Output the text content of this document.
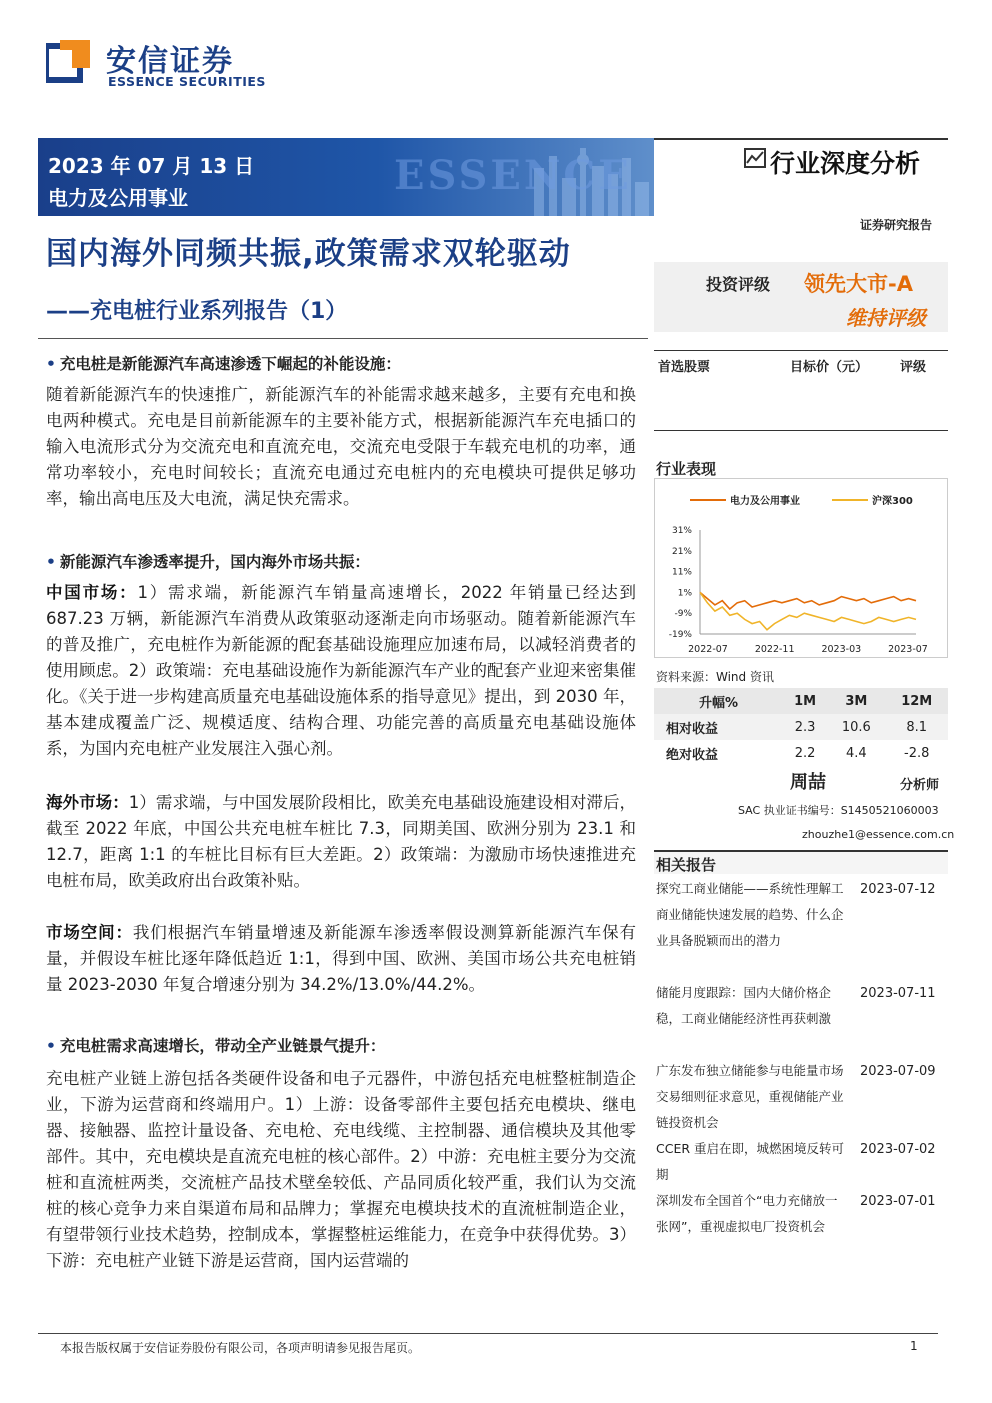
安信证券
ESSENCE SECURITIES
ESSENCE
2023 年 07 月 13 日
电力及公用事业
行业深度分析
证券研究报告
国内海外同频共振,政策需求双轮驱动
——充电桩行业系列报告（1）
投资评级 领先大市-A
维持评级
首选股票	目标价（元） 评级
行业表现
电力及公用事业	沪深300
31%
21%
11%
1%
-9%
-19%
2022-07	2022-11	2023-03	2023-07
资料来源：Wind 资讯
升幅%	1M	3M	12M
相对收益	2.3	10.6	8.1
绝对收益	2.2	4.4	-2.8
周喆	分析师
SAC 执业证书编号：S1450521060003
zhouzhe1@essence.com.cn
相关报告
探究工商业储能——系统性理解工商业储能快速发展的趋势、什么企业具备脱颖而出的潜力
2023-07-12
储能月度跟踪：国内大储价格企稳，工商业储能经济性再获刺激
2023-07-11
广东发布独立储能参与电能量市场交易细则征求意见，重视储能产业链投资机会
2023-07-09
CCER 重启在即，城燃困境反转可期
2023-07-02
深圳发布全国首个“电力充储放一张网”，重视虚拟电厂投资机会
2023-07-01
• 充电桩是新能源汽车高速渗透下崛起的补能设施：
随着新能源汽车的快速推广，新能源汽车的补能需求越来越多，主要有充电和换电两种模式。充电是目前新能源车的主要补能方式，根据新能源汽车充电插口的输入电流形式分为交流充电和直流充电，交流充电受限于车载充电机的功率，通常功率较小，充电时间较长；直流充电通过充电桩内的充电模块可提供足够功率，输出高电压及大电流，满足快充需求。
• 新能源汽车渗透率提升，国内海外市场共振：
中国市场：1）需求端，新能源汽车销量高速增长，2022 年销量已经达到 687.23 万辆，新能源汽车消费从政策驱动逐渐走向市场驱动。随着新能源汽车的普及推广，充电桩作为新能源的配套基础设施理应加速布局，以减轻消费者的使用顾虑。2）政策端：充电基础设施作为新能源汽车产业的配套产业迎来密集催化。《关于进一步构建高质量充电基础设施体系的指导意见》提出，到 2030 年，基本建成覆盖广泛、规模适度、结构合理、功能完善的高质量充电基础设施体系，为国内充电桩产业发展注入强心剂。
海外市场：1）需求端，与中国发展阶段相比，欧美充电基础设施建设相对滞后，截至 2022 年底，中国公共充电桩车桩比 7.3，同期美国、欧洲分别为 23.1 和 12.7，距离 1:1 的车桩比目标有巨大差距。2）政策端：为激励市场快速推进充电桩布局，欧美政府出台政策补贴。
市场空间：我们根据汽车销量增速及新能源车渗透率假设测算新能源汽车保有量，并假设车桩比逐年降低趋近 1:1，得到中国、欧洲、美国市场公共充电桩销量 2023-2030 年复合增速分别为 34.2%/13.0%/44.2%。
• 充电桩需求高速增长，带动全产业链景气提升：
充电桩产业链上游包括各类硬件设备和电子元器件，中游包括充电桩整桩制造企业，下游为运营商和终端用户。1）上游：设备零部件主要包括充电模块、继电器、接触器、监控计量设备、充电枪、充电线缆、主控制器、通信模块及其他零部件。其中，充电模块是直流充电桩的核心部件。2）中游：充电桩主要分为交流桩和直流桩两类，交流桩产品技术壁垒较低、产品同质化较严重，我们认为交流桩的核心竞争力来自渠道布局和品牌力；掌握充电模块技术的直流桩制造企业，有望带领行业技术趋势，控制成本，掌握整桩运维能力，在竞争中获得优势。3）下游：充电桩产业链下游是运营商，国内运营端的
本报告版权属于安信证券股份有限公司，各项声明请参见报告尾页。	1
